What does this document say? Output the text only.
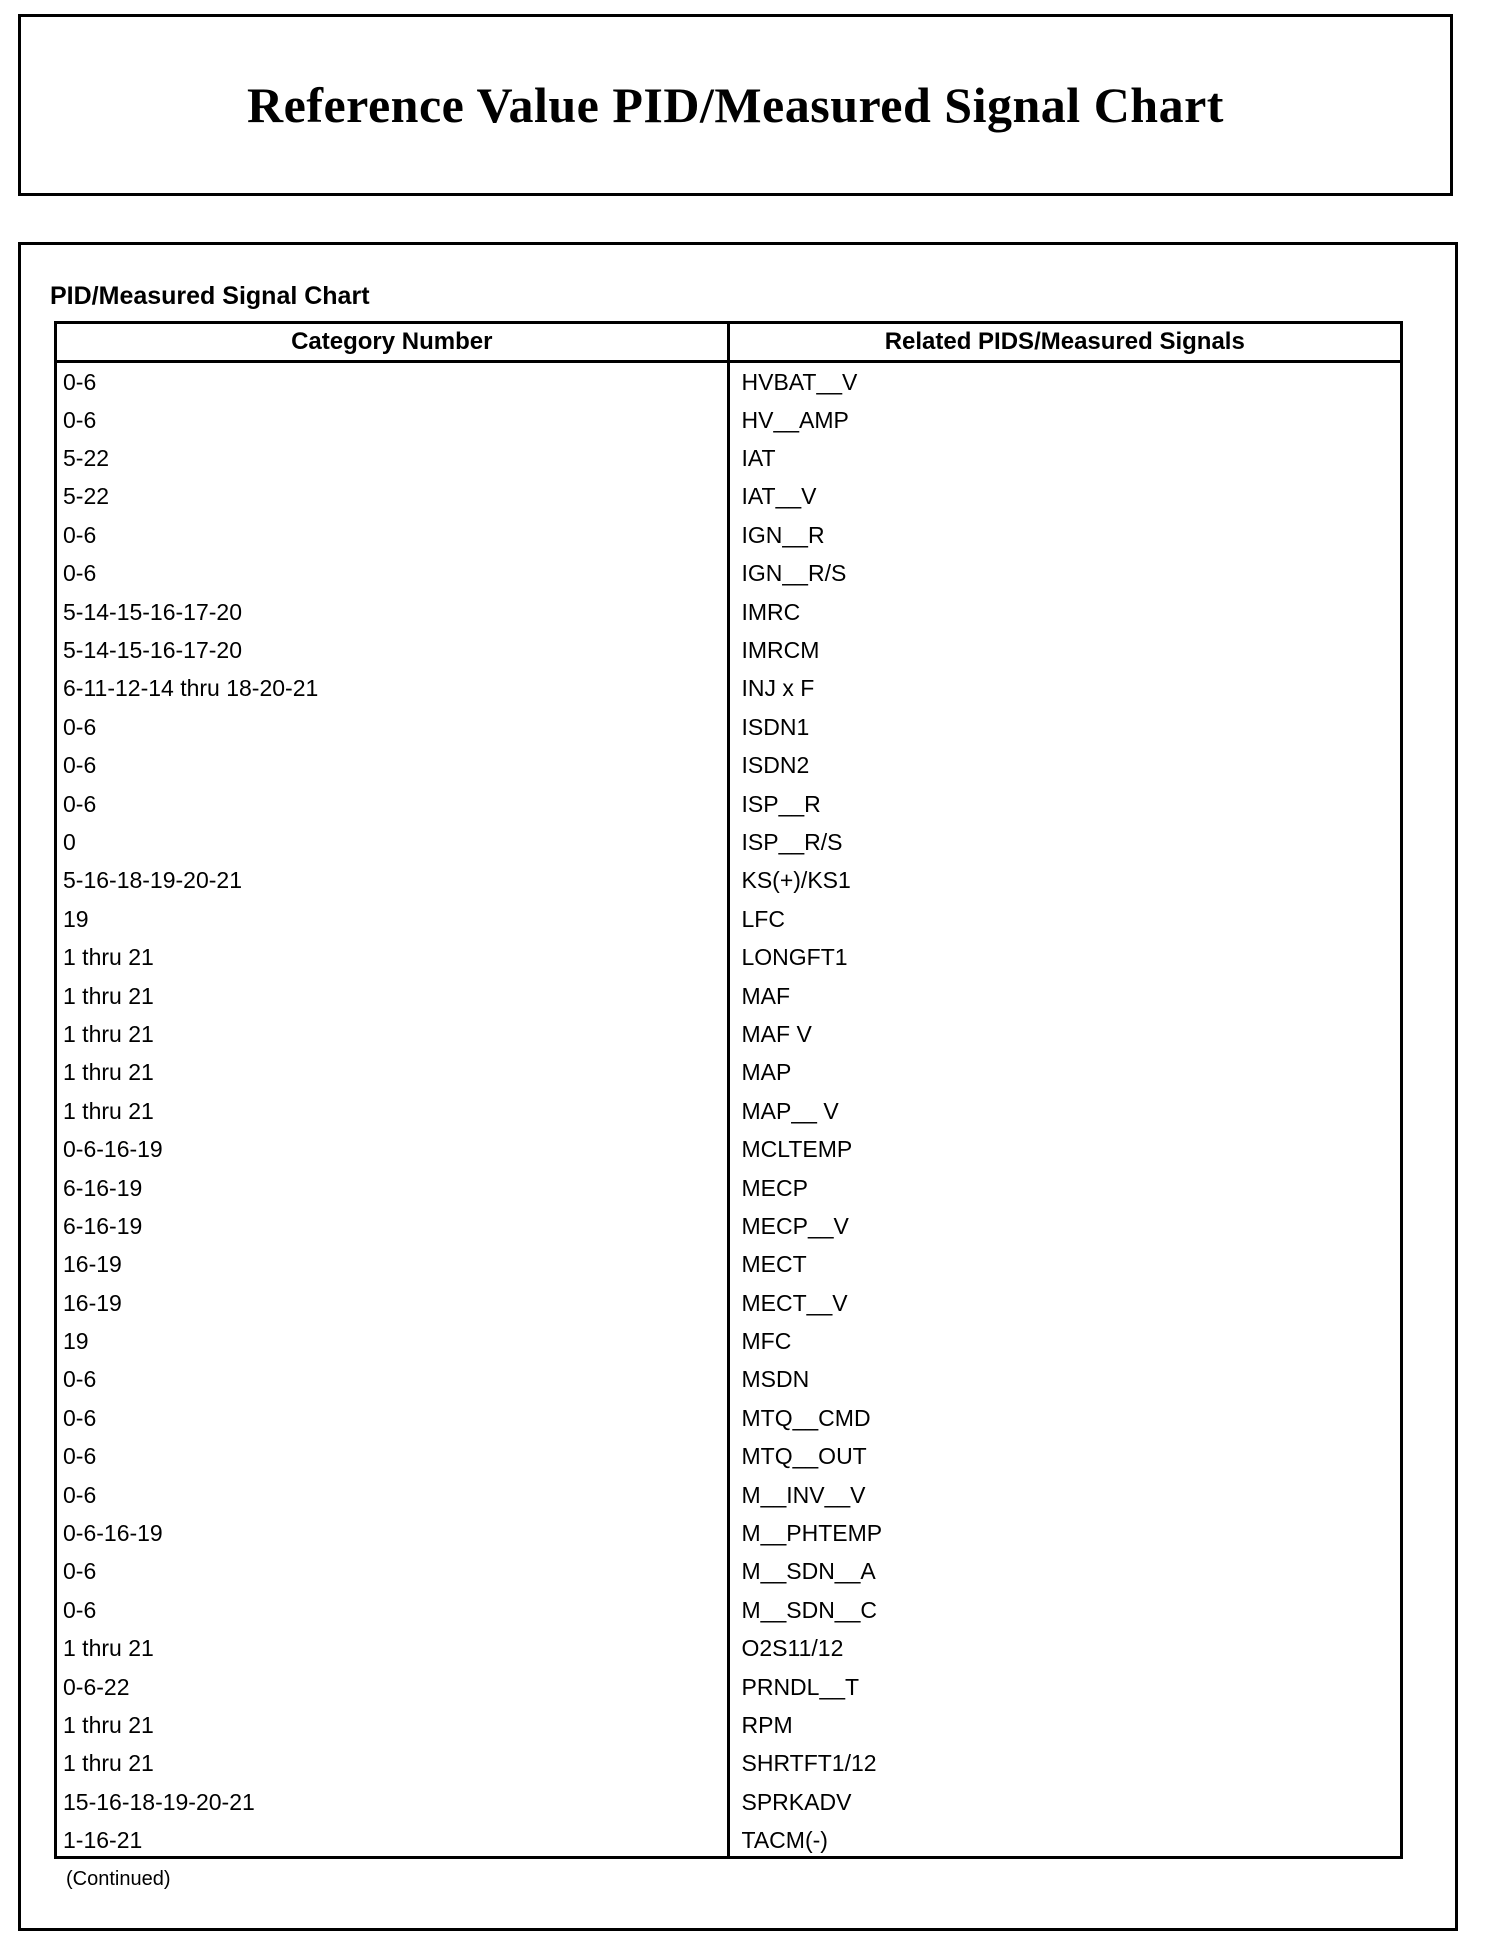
Reference Value PID/Measured Signal Chart
PID/Measured Signal Chart
Category Number	Related PIDS/Measured Signals
0-6	HVBAT__V
0-6	HV__AMP
5-22	IAT
5-22	IAT__V
0-6	IGN__R
0-6	IGN__R/S
5-14-15-16-17-20	IMRC
5-14-15-16-17-20	IMRCM
6-11-12-14 thru 18-20-21	INJ x F
0-6	ISDN1
0-6	ISDN2
0-6	ISP__R
0	ISP__R/S
5-16-18-19-20-21	KS(+)/KS1
19	LFC
1 thru 21	LONGFT1
1 thru 21	MAF
1 thru 21	MAF V
1 thru 21	MAP
1 thru 21	MAP__ V
0-6-16-19	MCLTEMP
6-16-19	MECP
6-16-19	MECP__V
16-19	MECT
16-19	MECT__V
19	MFC
0-6	MSDN
0-6	MTQ__CMD
0-6	MTQ__OUT
0-6	M__INV__V
0-6-16-19	M__PHTEMP
0-6	M__SDN__A
0-6	M__SDN__C
1 thru 21	O2S11/12
0-6-22	PRNDL__T
1 thru 21	RPM
1 thru 21	SHRTFT1/12
15-16-18-19-20-21	SPRKADV
1-16-21	TACM(-)
(Continued)
